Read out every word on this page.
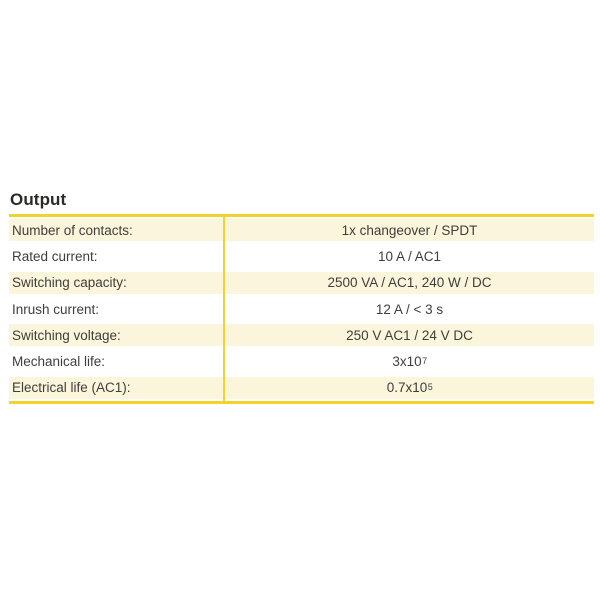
Output
Number of contacts:	1x changeover / SPDT
Rated current:	10 A / AC1
Switching capacity:	2500 VA / AC1, 240 W / DC
Inrush current:	12 A / < 3 s
Switching voltage:	250 V AC1 / 24 V DC
Mechanical life:	$3x10^7$
Electrical life (AC1):	$0.7x10^5$
